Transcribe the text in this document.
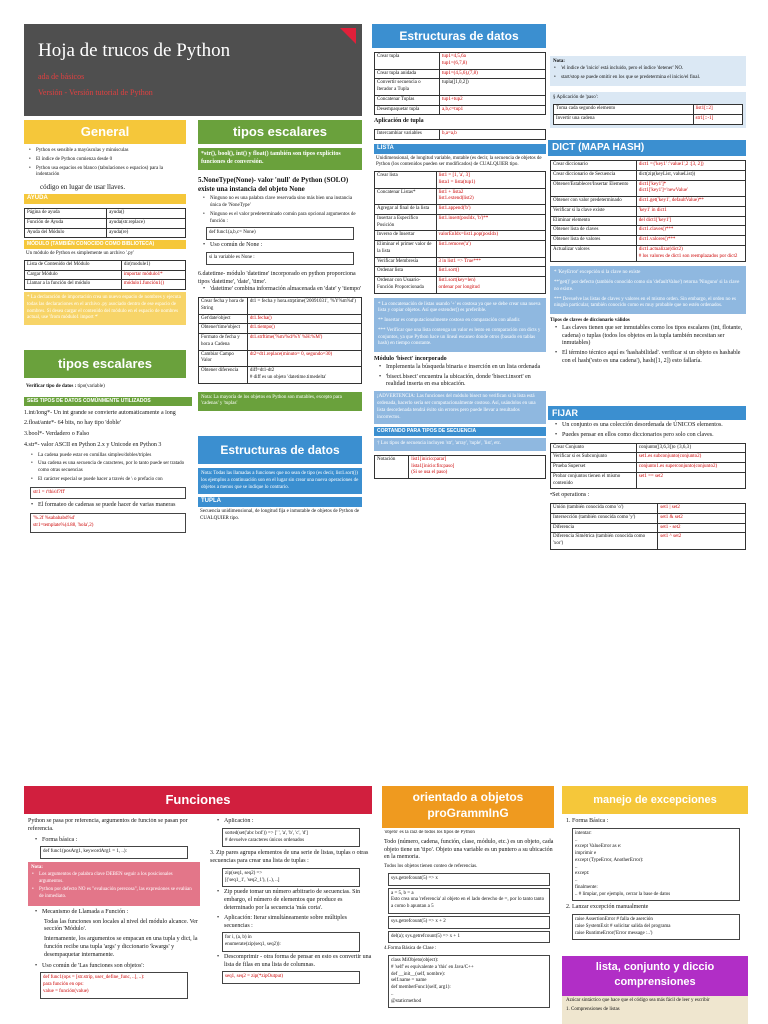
Hoja de trucos de Python
ada de básicos
Versión - Versión tutorial de Python
General
• Python es sensible a mayúsculas y minúsculas
• El índice de Python comienza desde 0
• Python usa espacios en blanco (tabulaciones o espacios) para la indentación
código en lugar de usar llaves.
AYUDA
Página de ayuda	ayuda()
Función de Ayuda	ayuda(str.replace)
Ayuda del Módulo	ayuda(re)
MÓDULO (TAMBIÉN CONOCIDO COMO BIBLIOTECA)
Un módulo de Python es simplemente un archivo '.py'
Lista de Contenido del Módulo	dir(module1)
Cargar Módulo	importar módulo1*
Llamar a la función del módulo	módulo1.función1()
* La declaración de importación crea un nuevo espacio de nombres y ejecuta todas las declaraciones en el archivo .py asociado dentro de ese espacio de nombres. Si desea cargar el contenido del módulo en el espacio de nombres actual, use 'from módulo1 import *'
tipos escalares
Verificar tipo de datos : tipo(variable)
SEIS TIPOS DE DATOS COMÚNMENTE UTILIZADOS
1.int/long*- Un int grande se convierte automáticamente a long
2.float/ante*- 64 bits, no hay tipo 'doble'
3.bool*- Verdadero o Falso
4.str*- valor ASCII en Python 2.x y Unicode en Python 3
• La cadena puede estar en comillas simples/dobles/triples
• Una cadena es una secuencia de caracteres, por lo tanto puede ser tratado como otras secuencias
• El carácter especial se puede hacer a través de \ o prefacio con
str1 = r'this\f?ff'
• El formateo de cadenas se puede hacer de varias maneras
'%.2f %sabababd%d'
str1=template%(4.88, 'hola',2)
tipos escalares
*str(), bool(), int() y float() también son tipos explícitos funciones de conversión.
5.NoneType(None)- valor 'null' de Python (SOLO) existe una instancia del objeto None
• Ninguno no es una palabra clave reservada sino más bien una instancia única de 'NoneType'
• Ninguno es el valor predeterminado común para opcional argumentos de función :
def func1(a,b,c= None)
• Uso común de None :
si la variable es None :
6.datetime- módulo 'datetime' incorporado en python proporciona tipos 'datetime', 'date', 'time'.
• 'datetime' combina información almacenada en 'date' y 'tiempo'
Crear fecha y hora de String	dt1 = fecha y hora.strptime('20091031', '%Y%m%d')
Get'date'object	dt1.fecha()
Obtener'time'object	dt1.tiempo()
Formato de fecha y hora a Cadena	dt1.strftime('%m/%d/%Y %H:%M')
Cambiar Campo Valor	dt2=dt1.replace(minuto= 0, segundo=30)
Obtener diferencia	diff=dt1-dt2
# diff es un objeto 'datetime.timedelta'
Nota: La mayoría de los objetos en Python son mutables, excepto para 'cadenas' y 'tuplas'
Estructuras de datos
Nota: Todas las llamadas a funciones que no sean de tipo (es decir, list1.sort()) los ejemplos a continuación son en el lugar sin crear una nueva operaciones de objetos a menos que se indique lo contrario.
TUPLA
Secuencia unidimensional, de longitud fija e inmutable de objetos de Python de CUALQUIER tipo.
Estructuras de datos
Crear tupla	tup1=4,5,6a
tup1=(6,7,8)
Crear tupla anidada	tup1=(4,5,6),(7,8)
Convertir secuencia o Iterador a Tupla	tupla([1,0,2])
Concatenar Tuplas	tup1+tup2
Desempaquetar tupla	a,b,c=tup1
Aplicación de tupla
Intercambiar variables	b,a=a,b
LISTA
Unidimensional, de longitud variable, mutable (es decir, la secuencia de objetos de Python (los contenidos pueden ser modificados) de CUALQUIER tipo.
Crear lista	list1 = [1, 'a', 3]
lista1 = lista(tup1)
Concatenar Listas*	list1 + lista2
list1.extend(list2)
Agregar al final de la lista	list1.append('b')
Insertar a Específico Posición	list1.insert(posIdx, 'b')**
Inverso de Insertar	valorEnIdx=list1.pop(posIdx)
Eliminar el primer valor de la lista	list1.remove('a')
Verificar Membresía	3 in list1 => True***
Ordenar lista	list1.sort()
Ordenar con Usuario-Función Proporcionada	list1.sort(key=len)
ordenar por longitud
* La concatenación de listas usando '+' es costosa ya que se debe crear una nueva lista y copiar objetos. Así que extender() es preferible.
** Insertar es computacionalmente costoso en comparación con añadir.
*** Verificar que una lista contenga un valor es lento en comparación con dicts y conjuntos, ya que Python hace un lineal escaneo donde otros (basado en tablas hash) en tiempo constante.
Módulo 'bisect' incorporado
• Implementa la búsqueda binaria e inserción en un lista ordenada
• 'bisect.bisect' encuentra la ubicación, donde 'bisect.insort' en realidad inserta en esa ubicación.
¡ADVERTENCIA: Las funciones del módulo bisect no verifican si la lista está ordenada, hacerlo sería ser computacionalmente costoso. Así, usándolos en una lista desordenada tendrá éxito sin errores pero puede llevar a resultados incorrectos.
CORTANDO PARA TIPOS DE SECUENCIA
† Los tipos de secuencia incluyen 'str', 'array', 'tuple', 'list', etc.
Notación	list1[inicio:parar]
lista1[inicio:fin:paso]
(Si se usa el paso)
Nota:
• 'el índice de 'inicio' está incluido, pero el índice 'detener' NO.
• start/stop se puede omitir en los que se predetermina el inicio/el final.
§ Aplicación de 'paso':
Toma cada segundo elemento	list1[::2]
Invertir una cadena	str1[::-1]
DICT (MAPA HASH)
Crear diccionario	dict1 ={'key1' :'value1',2 :[3, 2]}
Crear diccionario de Secuencia	dict(zip(keyList, valueList))
Obtener/Establecer/Insertar Elemento	dict1['key1']*
dict1['key1']='newValue'
Obtener con valor predeterminado	dict1.get('key1', defaultValue)**
Verificar si la clave existe	'key1' in dict1
Eliminar elemento	del dict1['key1']
Obtener lista de claves	dict1.claves()***
Obtener lista de valores	dict1.valores()***
Actualizar valores	dict1.actualizar(dict2)
# los valores de dict1 son reemplazados por dict2
* 'KeyError' excepción si la clave no existe
**'get()' por defecto (también conocido como sin 'defaultValue') retorna 'Ninguno' si la clave no existe.
*** Devuelve las listas de claves y valores en el mismo orden. Sin embargo, el orden no es ningún particular, también conocido como es muy probable que no estén ordenados.
Tipos de claves de diccionario válidos
• Las claves tienen que ser inmutables como los tipos escalares (int, flotante, cadena) o tuplas (todos los objetos en la tupla también necesitan ser inmutables)
• El término técnico aquí es 'hashabilidad'. verificar si un objeto es hashable con el hash('esto es una cadena'), hash([1, 2]) esto fallaría.
FIJAR
• Un conjunto es una colección desordenada de ÚNICOS elementos.
• Puedes pensar en ellos como diccionarios pero solo con claves.
Crear Conjunto	conjunto([3,6,3])o {3,6,3}
Verificar si es Subconjunto	set1.es subconjunto(conjunto2)
Prueba Superset	conjunto1.es superconjunto(conjunto2)
Probar conjuntos tienen el mismo contenido	set1 == set2
•Set operations :
Unión (también conocida como 'o')	set1 | set2
Intersección (también conocida como 'y')	set1 & set2
Diferencia	set1 - set2
Diferencia Simétrica (también conocida como 'xor')	set1 ^ set2
Funciones
Python se pasa por referencia, argumentos de función se pasan por referencia.
• Forma básica :
def func1(posArg1, keywordArg1 = 1, ..):
Nota:
• Los argumentos de palabra clave DEBEN seguir a los posicionales argumentos.
• Python por defecto NO es "evaluación perezosa", las expresiones se evalúan de inmediato.
• Mecanismo de Llamada a Función :
Todas las funciones son locales al nivel del módulo alcance. Ver sección 'Módulo'.
Internamente, los argumentos se empacan en una tupla y dict, la función recibe una tupla 'args' y diccionario 'kwargs' y desempaquetar internamente.
• Uso común de 'Las funciones son objetos':
def func1(ops = [str.strip, user_define_func, ..], ..):
para función en ops:
value = función(value)
• Aplicación :
sorted(set('abc bcd')) => [' ', 'a', 'b', 'c', 'd']
# devuelve caracteres únicos ordenados
3. Zip pares agrupa elementos de una serie de listas, tuplas o otras secuencias para crear una lista de tuplas :
zip(seq1, seq2) =>
[('seq1_1', 'seq2_1'), (..), ..]
• Zip puede tomar un número arbitrario de secuencias. Sin embargo, el número de elementos que produce es determinado por la secuencia 'más corta'.
• Aplicación: Iterar simultáneamente sobre múltiples secuencias :
for i, (a, b) in
enumerate(zip(seq1, seq2)):
• Descomprimir - otra forma de pensar en esto es convertir una lista de filas en una lista de columnas.
seq1, seq2 = zip(*zipOutput)
orientado a objetos proGrammInG
'objeto' es la raíz de todos los tipos de Python
Todo (número, cadena, función, clase, módulo, etc.) es un objeto, cada objeto tiene un 'tipo'. Objeto una variable es un puntero a su ubicación en la memoria.
Todos los objetos tienen conteo de referencias.
sys.getrefcount(5) => x
a = 5, b = a
Esto crea una 'referencia' al objeto en el lado derecho de =, por lo tanto tanto a como b apuntan a 5
sys.getrefcount(5) => x + 2
del(a); sys.getrefcount(5) => x + 1
4.Forma Básica de Clase :
class MiObjeto(object):
# 'self' es equivalente a 'this' en Java/C++
def __init__(self, nombre):
self.name = name
def memberFunc1(self, arg1):
..
@staticmethod
manejo de excepciones
1. Forma Básica :
intentar:
..
except ValueError as e:
imprimir e
except (TypeError, AnotherError):
..
except:
..
finalmente:
.. # limpiar, por ejemplo, cerrar la base de datos
2. Lanzar excepción manualmente
raise AssertionError # falla de aserción
raise SystemExit # solicitar salida del programa
raise RuntimeError('Error message :..')
lista, conjunto y diccio comprensiones
Azúcar sintáctico que hace que el código sea más fácil de leer y escribir
1. Comprensiones de listas
